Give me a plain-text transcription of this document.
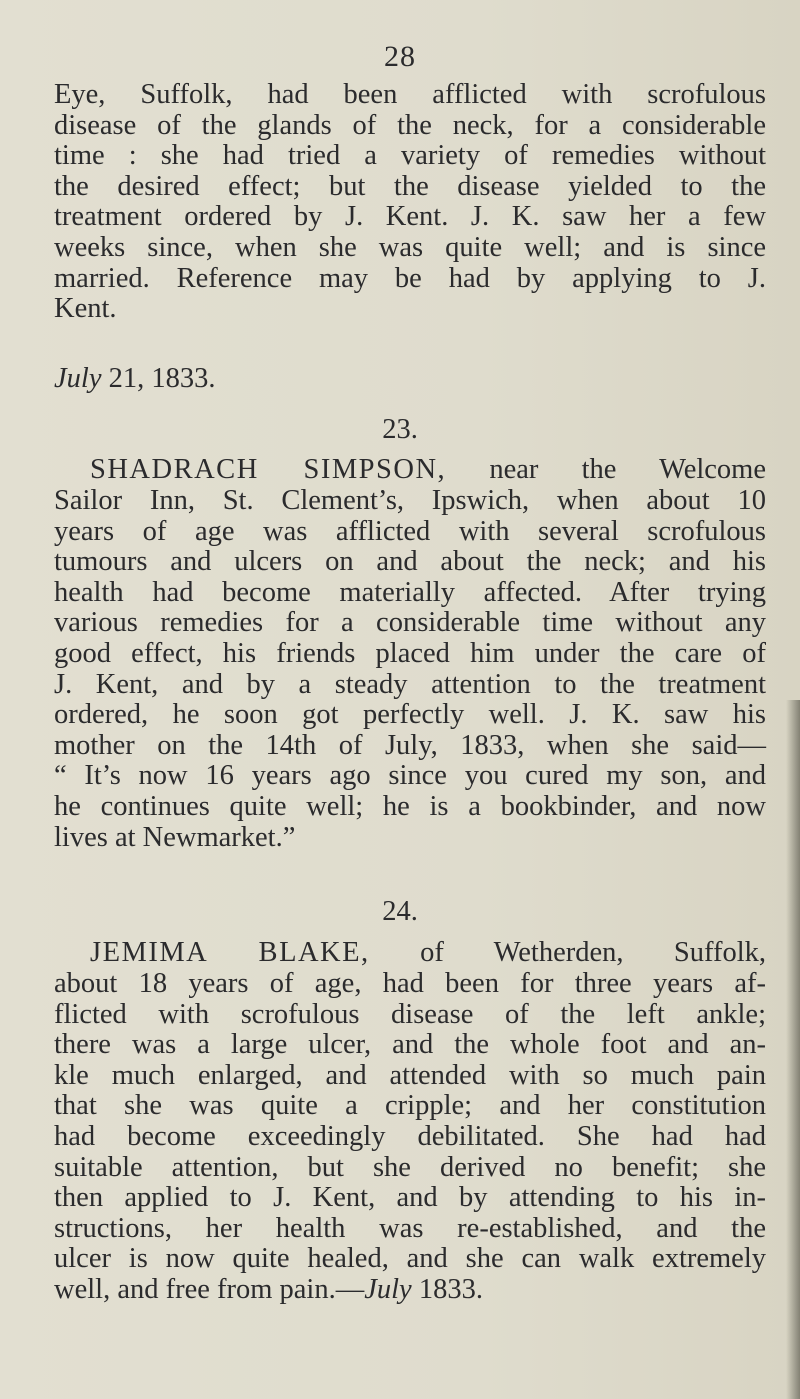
28
Eye, Suffolk, had been afflicted with scrofulous
disease of the glands of the neck, for a considerable
time : she had tried a variety of remedies without
the desired effect; but the disease yielded to the
treatment ordered by J. Kent. J. K. saw her a few
weeks since, when she was quite well; and is since
married. Reference may be had by applying to J.
Kent.
July 21, 1833.
23.
SHADRACH SIMPSON, near the Welcome
Sailor Inn, St. Clement’s, Ipswich, when about 10
years of age was afflicted with several scrofulous
tumours and ulcers on and about the neck; and his
health had become materially affected. After trying
various remedies for a considerable time without any
good effect, his friends placed him under the care of
J. Kent, and by a steady attention to the treatment
ordered, he soon got perfectly well. J. K. saw his
mother on the 14th of July, 1833, when she said—
“ It’s now 16 years ago since you cured my son, and
he continues quite well; he is a bookbinder, and now
lives at Newmarket.”
24.
JEMIMA BLAKE, of Wetherden, Suffolk,
about 18 years of age, had been for three years af-
flicted with scrofulous disease of the left ankle;
there was a large ulcer, and the whole foot and an-
kle much enlarged, and attended with so much pain
that she was quite a cripple; and her constitution
had become exceedingly debilitated. She had had
suitable attention, but she derived no benefit; she
then applied to J. Kent, and by attending to his in-
structions, her health was re-established, and the
ulcer is now quite healed, and she can walk extremely
well, and free from pain.—July 1833.
